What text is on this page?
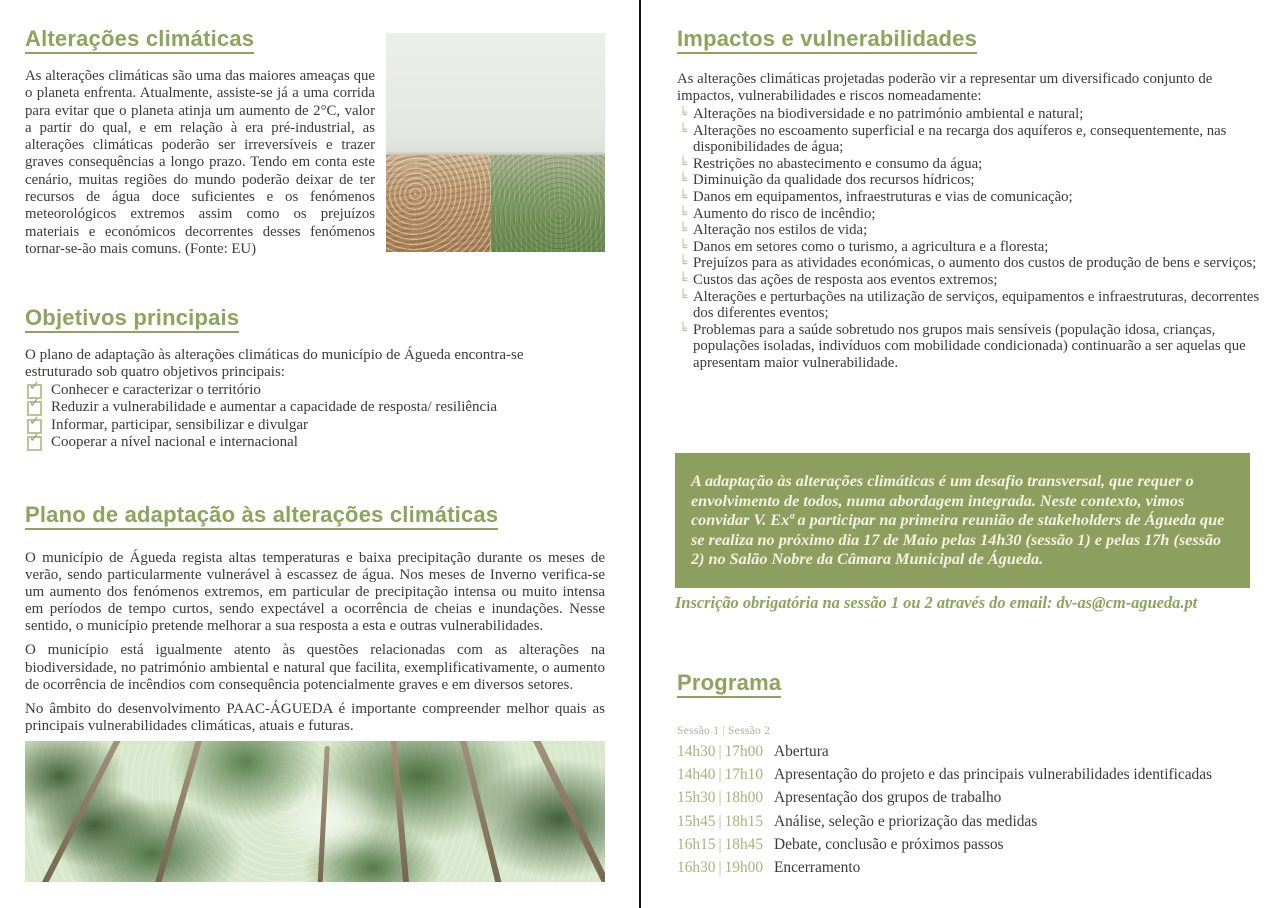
Alterações climáticas

As alterações climáticas são uma das maiores ameaças que o planeta enfrenta. Atualmente, assiste-se já a uma corrida para evitar que o planeta atinja um aumento de 2°C, valor a partir do qual, e em relação à era pré-industrial, as alterações climáticas poderão ser irreversíveis e trazer graves consequências a longo prazo. Tendo em conta este cenário, muitas regiões do mundo poderão deixar de ter recursos de água doce suficientes e os fenómenos meteorológicos extremos assim como os prejuízos materiais e económicos decorrentes desses fenómenos tornar-se-ão mais comuns. (Fonte: EU)

Objetivos principais

O plano de adaptação às alterações climáticas do município de Águeda encontra-se estruturado sob quatro objetivos principais:

✓ Conhecer e caracterizar o território
✓ Reduzir a vulnerabilidade e aumentar a capacidade de resposta/ resiliência
✓ Informar, participar, sensibilizar e divulgar
✓ Cooperar a nível nacional e internacional
Plano de adaptação às alterações climáticas

O município de Águeda regista altas temperaturas e baixa precipitação durante os meses de verão, sendo particularmente vulnerável à escassez de água. Nos meses de Inverno verifica-se um aumento dos fenómenos extremos, em particular de precipitação intensa ou muito intensa em períodos de tempo curtos, sendo expectável a ocorrência de cheias e inundações. Nesse sentido, o município pretende melhorar a sua resposta a esta e outras vulnerabilidades.

O município está igualmente atento às questões relacionadas com as alterações na biodiversidade, no património ambiental e natural que facilita, exemplificativamente, o aumento de ocorrência de incêndios com consequência potencialmente graves e em diversos setores.

No âmbito do desenvolvimento PAAC-ÁGUEDA é importante compreender melhor quais as principais vulnerabilidades climáticas, atuais e futuras.

Impactos e vulnerabilidades

As alterações climáticas projetadas poderão vir a representar um diversificado conjunto de impactos, vulnerabilidades e riscos nomeadamente:

╘ Alterações na biodiversidade e no património ambiental e natural;
╘ Alterações no escoamento superficial e na recarga dos aquíferos e, consequentemente, nas disponibilidades de água;
╘ Restrições no abastecimento e consumo da água;
╘ Diminuição da qualidade dos recursos hídricos;
╘ Danos em equipamentos, infraestruturas e vias de comunicação;
╘ Aumento do risco de incêndio;
╘ Alteração nos estilos de vida;
╘ Danos em setores como o turismo, a agricultura e a floresta;
╘ Prejuízos para as atividades económicas, o aumento dos custos de produção de bens e serviços;
╘ Custos das ações de resposta aos eventos extremos;
╘ Alterações e perturbações na utilização de serviços, equipamentos e infraestruturas, decorrentes dos diferentes eventos;
╘ Problemas para a saúde sobretudo nos grupos mais sensíveis (população idosa, crianças, populações isoladas, indivíduos com mobilidade condicionada) continuarão a ser aquelas que apresentam maior vulnerabilidade.

A adaptação às alterações climáticas é um desafio transversal, que requer o envolvimento de todos, numa abordagem integrada. Neste contexto, vimos convidar V. Exª a participar na primeira reunião de stakeholders de Águeda que se realiza no próximo dia 17 de Maio pelas 14h30 (sessão 1) e pelas 17h (sessão 2) no Salão Nobre da Câmara Municipal de Águeda.

Inscrição obrigatória na sessão 1 ou 2 através do email: dv-as@cm-agueda.pt

Programa
Sessão 1 | Sessão 2
14h30 | 17h00 Abertura
14h40 | 17h10 Apresentação do projeto e das principais vulnerabilidades identificadas
15h30 | 18h00 Apresentação dos grupos de trabalho
15h45 | 18h15 Análise, seleção e priorização das medidas
16h15 | 18h45 Debate, conclusão e próximos passos
16h30 | 19h00 Encerramento
